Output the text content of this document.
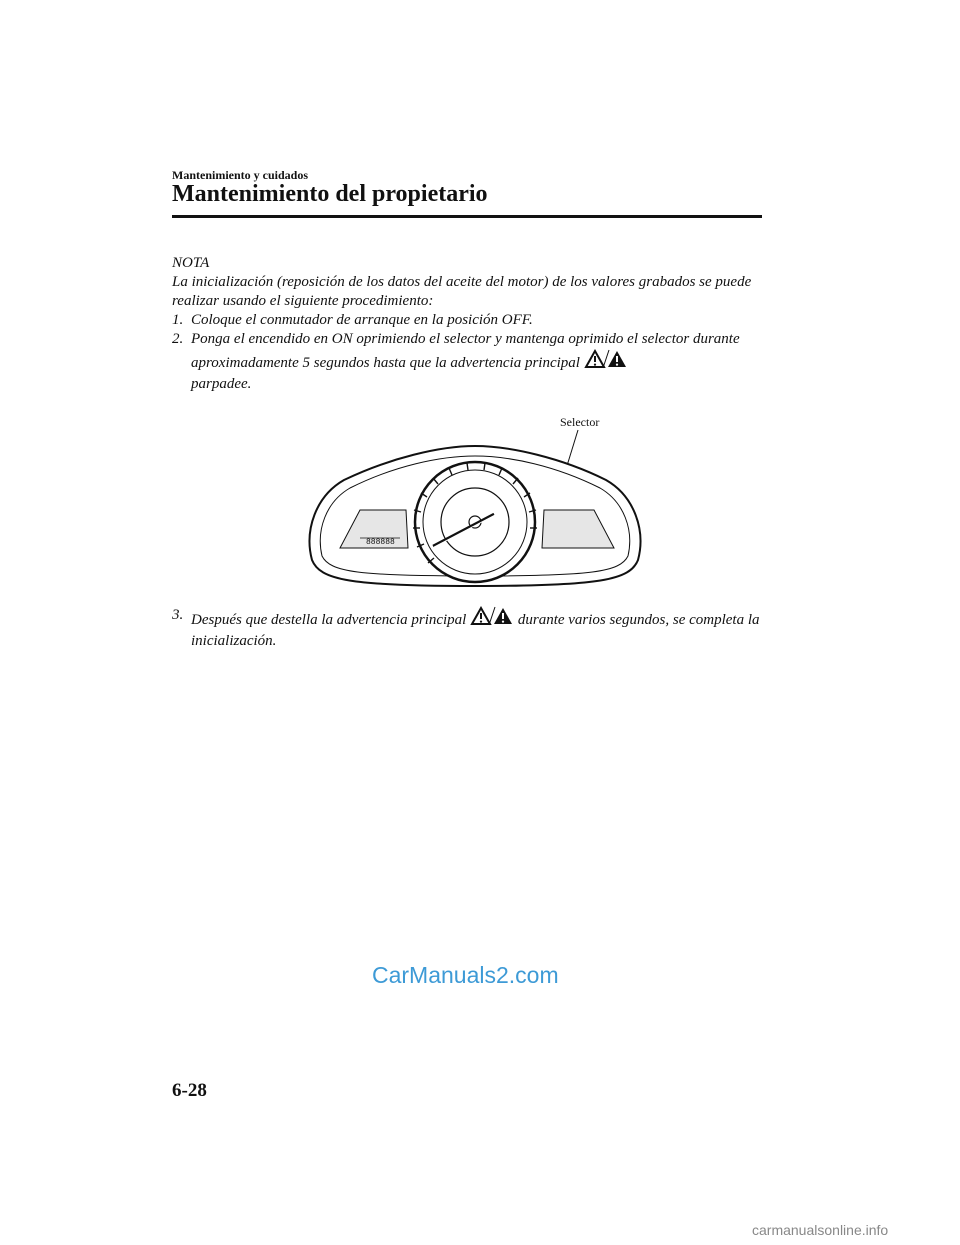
Mantenimiento y cuidados
Mantenimiento del propietario
NOTA
La inicialización (reposición de los datos del aceite del motor) de los valores grabados se puede realizar usando el siguiente procedimiento:
1. Coloque el conmutador de arranque en la posición OFF.
2. Ponga el encendido en ON oprimiendo el selector y mantenga oprimido el selector durante aproximadamente 5 segundos hasta que la advertencia principal
parpadee.
Selector
888888
3. Después que destella la advertencia principal	durante varios segundos, se completa la inicialización.
CarManuals2.com
6-28
carmanualsonline.info
